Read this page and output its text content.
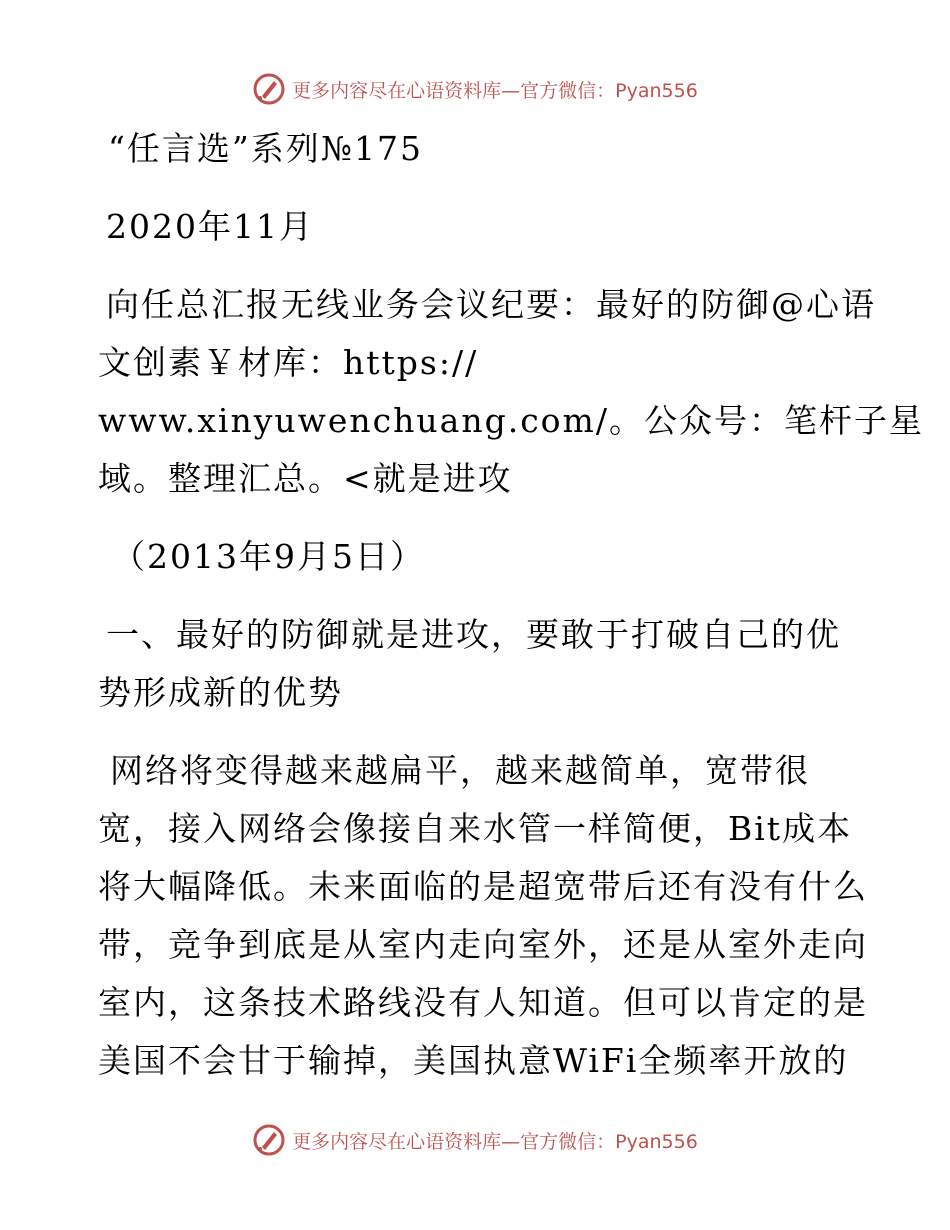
更多内容尽在心语资料库—官方微信：Pyan556
“任言选”系列№175
2020年11月
向任总汇报无线业务会议纪要：最好的防御@心语
文创素￥材库：https://
www.xinyuwenchuang.com/。公众号：笔杆子星
域。整理汇总。<就是进攻
（2013年9月5日）
一、最好的防御就是进攻，要敢于打破自己的优
势形成新的优势
网络将变得越来越扁平，越来越简单，宽带很
宽，接入网络会像接自来水管一样简便，Bit成本
将大幅降低。未来面临的是超宽带后还有没有什么
带，竞争到底是从室内走向室外，还是从室外走向
室内，这条技术路线没有人知道。但可以肯定的是
美国不会甘于输掉，美国执意WiFi全频率开放的
更多内容尽在心语资料库—官方微信：Pyan556
